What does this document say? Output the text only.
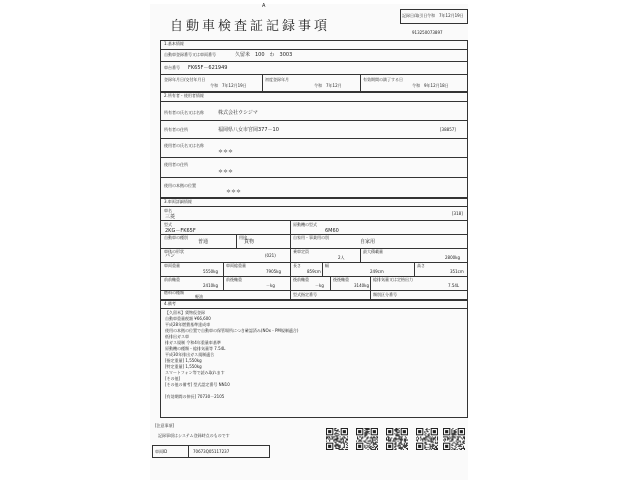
A
自動車検査証記録事項
記録日/取引日 令和　7年12月19日
913250073897
1.基本情報
自動車登録番号又は車両番号	久留米　100　わ　3003
車台番号 FK65F－621949
登録年月日/交付年月日
令和　7年12月19日
初度登録年月
令和　7年12月
有効期間の満了する日
令和　9年12月18日
2.所有者・使用者情報
所有者の氏名又は名称	株式会社ウシジマ
所有者の住所	福岡県八女市宮岡377－10	[38857]
使用者の氏名又は名称
＊＊＊
使用者の住所
＊＊＊
使用の本拠の位置
＊＊＊
3.車両詳細情報
車名
三菱
[318]
型式
2KG－FK65F
原動機の型式
6M60
自動車の種別
普通
用途
貨物
自家用・事業用の別
自家用
車体の形状
バン	(021)
乗車定員
2人
最大積載量
2800kg
車両重量
5550kg
車両総重量
7905kg
長さ
859cm
幅
249cm
高さ
351cm
前前軸重
2410kg
前後軸重
－kg
後前軸重
－kg
後後軸重
3140kg
総排気量又は定格出力
7.54L
燃料の種類
軽油	型式指定番号	類別区分番号
4.備考
【久留米】貨物仮登録
自動車重量税額 ¥66,600
平成28年燃費基準達成車
使用の本拠の位置で自動車の保管場所につき確認済み(NOx・PM規制適合)
低排出ガス車
排ガス規制 令和4年重量車基準
原動機の種類・総排気量等 7.54L
平成30年排出ガス規制適合
[指定重量] 1,550kg
[特定重量] 1,550kg
スマートフォン等で読み取れます
[その他]
[その他の備考] 型式認定番号 NN10
[有効期間の伸長] 70730－2105
[注意事項]
記録事項はシステム登録時点のものです
車両ID	70673Q05117237
